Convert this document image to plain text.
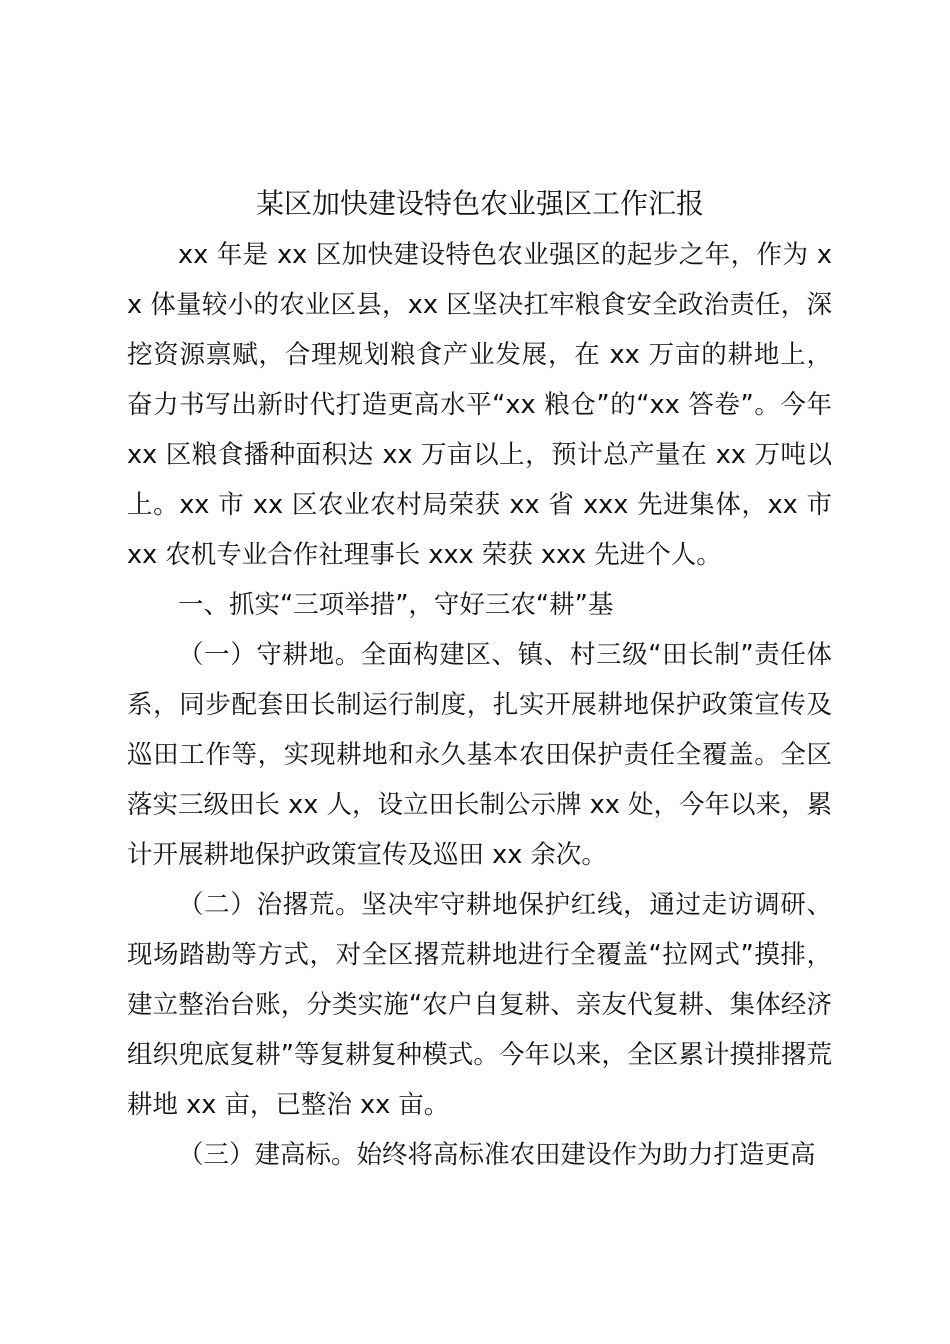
某区加快建设特色农业强区工作汇报

xx 年是 xx 区加快建设特色农业强区的起步之年，作为 xx 体量较小的农业区县，xx 区坚决扛牢粮食安全政治责任，深挖资源禀赋，合理规划粮食产业发展，在 xx 万亩的耕地上，奋力书写出新时代打造更高水平“xx 粮仓”的“xx 答卷”。今年 xx 区粮食播种面积达 xx 万亩以上，预计总产量在 xx 万吨以上。xx 市 xx 区农业农村局荣获 xx 省 xxx 先进集体，xx 市 xx 农机专业合作社理事长 xxx 荣获 xxx 先进个人。

一、抓实“三项举措”，守好三农“耕”基

（一）守耕地。全面构建区、镇、村三级“田长制”责任体系，同步配套田长制运行制度，扎实开展耕地保护政策宣传及巡田工作等，实现耕地和永久基本农田保护责任全覆盖。全区落实三级田长 xx 人，设立田长制公示牌 xx 处，今年以来，累计开展耕地保护政策宣传及巡田 xx 余次。

（二）治撂荒。坚决牢守耕地保护红线，通过走访调研、现场踏勘等方式，对全区撂荒耕地进行全覆盖“拉网式”摸排，建立整治台账，分类实施“农户自复耕、亲友代复耕、集体经济组织兜底复耕”等复耕复种模式。今年以来，全区累计摸排撂荒耕地 xx 亩，已整治 xx 亩。

（三）建高标。始终将高标准农田建设作为助力打造更高
